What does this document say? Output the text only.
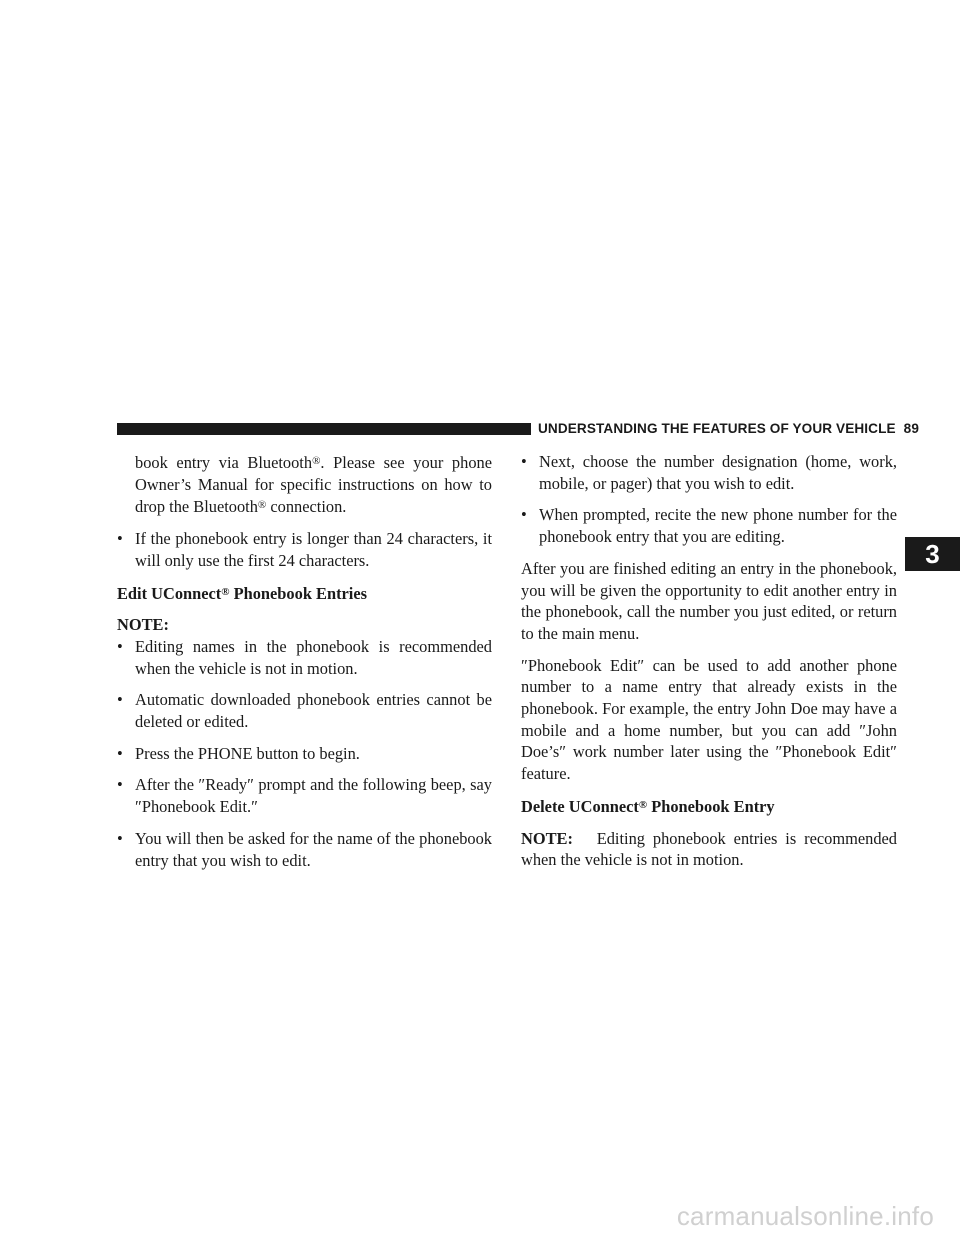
UNDERSTANDING THE FEATURES OF YOUR VEHICLE 89

book entry via Bluetooth®. Please see your phone Owner’s Manual for specific instructions on how to drop the Bluetooth® connection.

• If the phonebook entry is longer than 24 characters, it will only use the first 24 characters.

Edit UConnect® Phonebook Entries

NOTE:
• Editing names in the phonebook is recommended when the vehicle is not in motion.
• Automatic downloaded phonebook entries cannot be deleted or edited.
• Press the PHONE button to begin.
• After the ″Ready″ prompt and the following beep, say ″Phonebook Edit.″
• You will then be asked for the name of the phonebook entry that you wish to edit.
• Next, choose the number designation (home, work, mobile, or pager) that you wish to edit.
• When prompted, recite the new phone number for the phonebook entry that you are editing.

After you are finished editing an entry in the phonebook, you will be given the opportunity to edit another entry in the phonebook, call the number you just edited, or return to the main menu.

″Phonebook Edit″ can be used to add another phone number to a name entry that already exists in the phonebook. For example, the entry John Doe may have a mobile and a home number, but you can add ″John Doe’s″ work number later using the ″Phonebook Edit″ feature.

Delete UConnect® Phonebook Entry

NOTE: Editing phonebook entries is recommended when the vehicle is not in motion.

3
carmanualsonline.info
